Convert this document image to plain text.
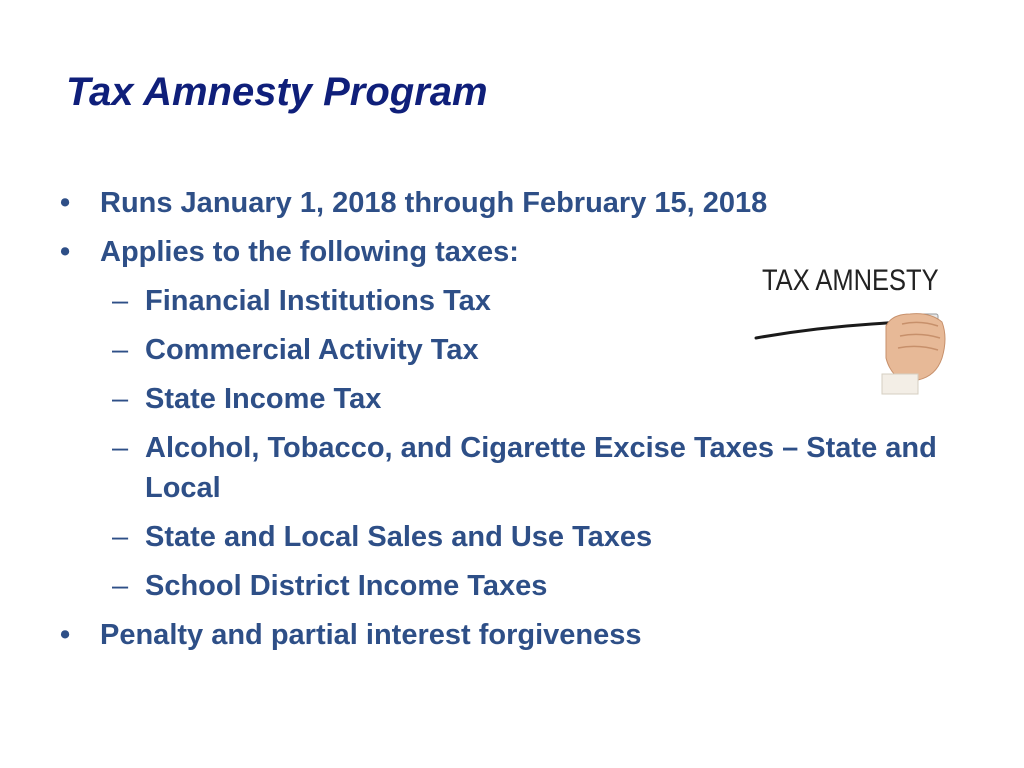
Tax Amnesty Program
•	Runs January 1, 2018 through February 15, 2018
•	Applies to the following taxes:
– Financial Institutions Tax
– Commercial Activity Tax
– State Income Tax
– Alcohol, Tobacco, and Cigarette Excise Taxes – State and Local
– State and Local Sales and Use Taxes
– School District Income Taxes
•	Penalty and partial interest forgiveness
TAX AMNESTY
